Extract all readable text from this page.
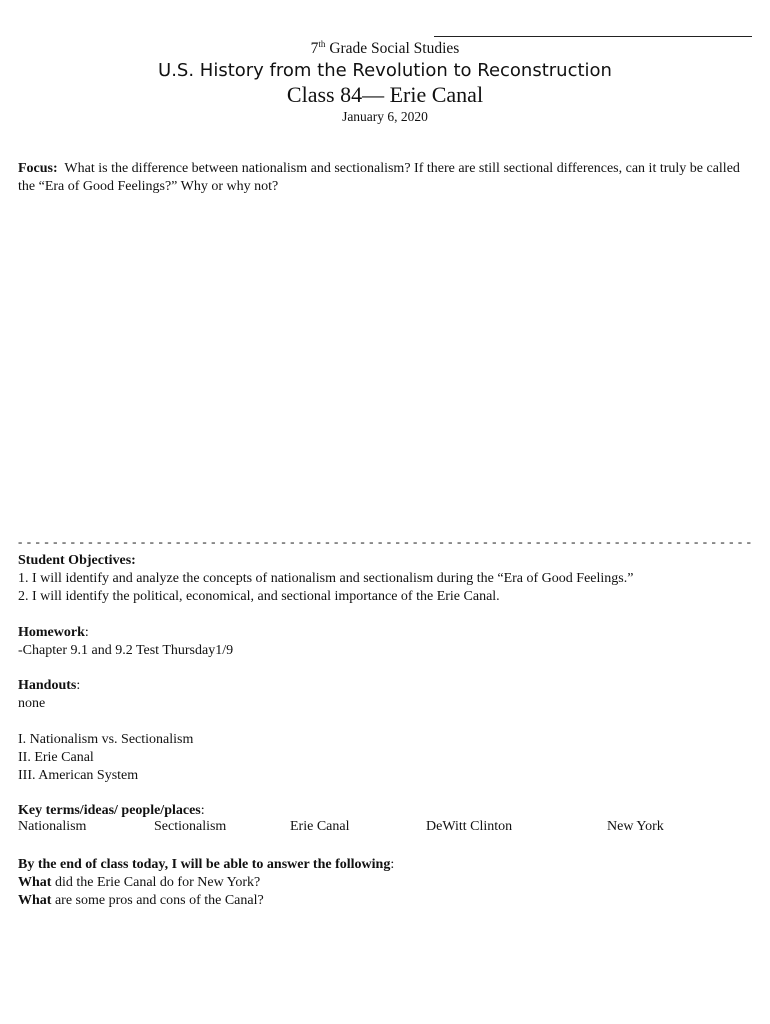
7th Grade Social Studies
U.S. History from the Revolution to Reconstruction
Class 84— Erie Canal
January 6, 2020
Focus: What is the difference between nationalism and sectionalism? If there are still sectional differences, can it truly be called the “Era of Good Feelings?” Why or why not?
- - - - - - - - - - - - - - - - - - - - - - - - - - - - - - - - - - - - - - - - - - - - - - - - - - - - - - - - - - - - - - - - - - - - - - - - - - - - - - - - - - - -
Student Objectives:
1. I will identify and analyze the concepts of nationalism and sectionalism during the “Era of Good Feelings.”
2. I will identify the political, economical, and sectional importance of the Erie Canal.
Homework:
-Chapter 9.1 and 9.2 Test Thursday1/9
Handouts:
none
I. Nationalism vs. Sectionalism
II. Erie Canal
III. American System
Key terms/ideas/ people/places:
Nationalism	Sectionalism	Erie Canal	DeWitt Clinton	New York
By the end of class today, I will be able to answer the following:
What did the Erie Canal do for New York?
What are some pros and cons of the Canal?
